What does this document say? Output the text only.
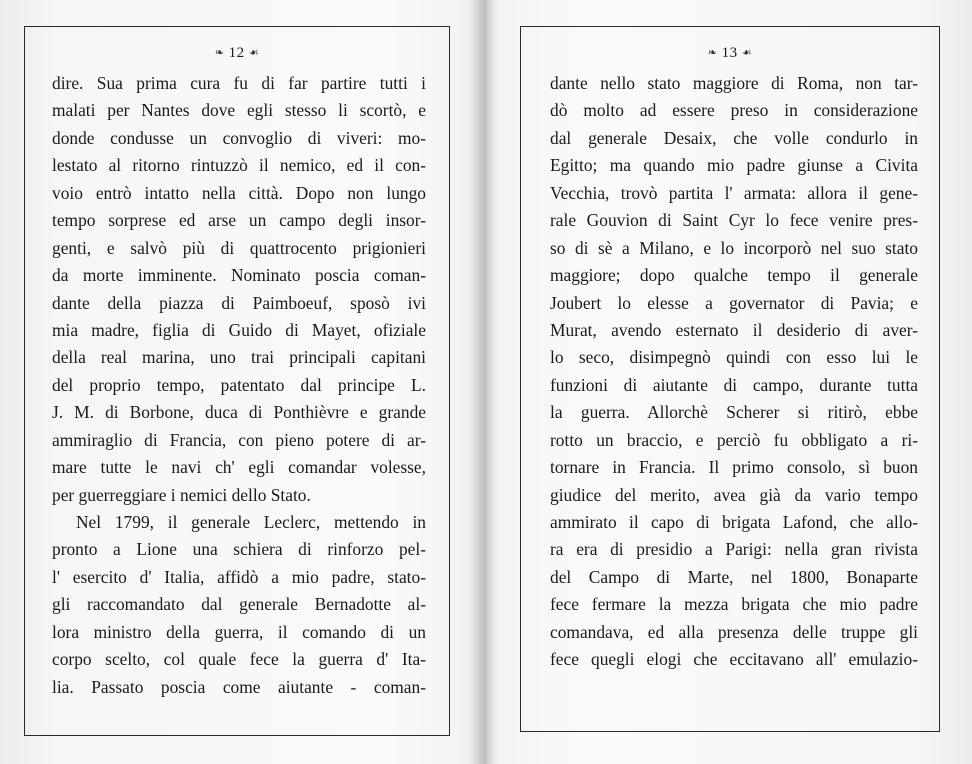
❧ 12 ☙
dire. Sua prima cura fu di far partire tutti i
malati per Nantes dove egli stesso li scortò, e
donde condusse un convoglio di viveri: mo-
lestato al ritorno rintuzzò il nemico, ed il con-
voio entrò intatto nella città. Dopo non lungo
tempo sorprese ed arse un campo degli insor-
genti, e salvò più di quattrocento prigionieri
da morte imminente. Nominato poscia coman-
dante della piazza di Paimboeuf, sposò ivi
mia madre, figlia di Guido di Mayet, ofiziale
della real marina, uno trai principali capitani
del proprio tempo, patentato dal principe L.
J. M. di Borbone, duca di Ponthièvre e grande
ammiraglio di Francia, con pieno potere di ar-
mare tutte le navi ch' egli comandar volesse,
per guerreggiare i nemici dello Stato.
Nel 1799, il generale Leclerc, mettendo in
pronto a Lione una schiera di rinforzo pel-
l' esercito d' Italia, affidò a mio padre, stato-
gli raccomandato dal generale Bernadotte al-
lora ministro della guerra, il comando di un
corpo scelto, col quale fece la guerra d' Ita-
lia. Passato poscia come aiutante - coman-
❧ 13 ☙
dante nello stato maggiore di Roma, non tar-
dò molto ad essere preso in considerazione
dal generale Desaix, che volle condurlo in
Egitto; ma quando mio padre giunse a Civita
Vecchia, trovò partita l' armata: allora il gene-
rale Gouvion di Saint Cyr lo fece venire pres-
so di sè a Milano, e lo incorporò nel suo stato
maggiore; dopo qualche tempo il generale
Joubert lo elesse a governator di Pavia; e
Murat, avendo esternato il desiderio di aver-
lo seco, disimpegnò quindi con esso lui le
funzioni di aiutante di campo, durante tutta
la guerra. Allorchè Scherer si ritirò, ebbe
rotto un braccio, e perciò fu obbligato a ri-
tornare in Francia. Il primo consolo, sì buon
giudice del merito, avea già da vario tempo
ammirato il capo di brigata Lafond, che allo-
ra era di presidio a Parigi: nella gran rivista
del Campo di Marte, nel 1800, Bonaparte
fece fermare la mezza brigata che mio padre
comandava, ed alla presenza delle truppe gli
fece quegli elogi che eccitavano all' emulazio-
